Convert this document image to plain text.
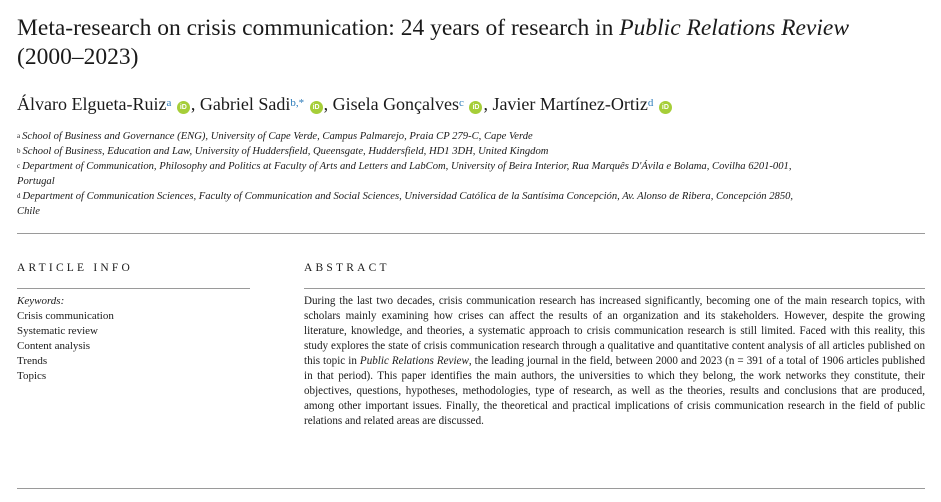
Meta-research on crisis communication: 24 years of research in Public Relations Review (2000–2023)
Álvaro Elgueta-Ruiz$^a$ iD , Gabriel Sadi$^{b,*}$ iD , Gisela Gonçalves$^c$ iD , Javier Martínez-Ortiz$^d$ iD

$^a$ School of Business and Governance (ENG), University of Cape Verde, Campus Palmarejo, Praia CP 279-C, Cape Verde

$^b$ School of Business, Education and Law, University of Huddersfield, Queensgate, Huddersfield, HD1 3DH, United Kingdom

$^c$ Department of Communication, Philosophy and Politics at Faculty of Arts and Letters and LabCom, University of Beira Interior, Rua Marquês D'Ávila e Bolama, Covilha 6201-001, Portugal

$^d$ Department of Communication Sciences, Faculty of Communication and Social Sciences, Universidad Católica de la Santísima Concepción, Av. Alonso de Ribera, Concepción 2850, Chile

ARTICLE INFO
Keywords:
Crisis communication
Systematic review
Content analysis
Trends
Topics
ABSTRACT

During the last two decades, crisis communication research has increased significantly, becoming one of the main research topics, with scholars mainly examining how crises can affect the results of an organization and its stakeholders. However, despite the growing literature, knowledge, and theories, a systematic approach to crisis communication research is still limited. Faced with this reality, this study explores the state of crisis communication research through a qualitative and quantitative content analysis of all articles published on this topic in Public Relations Review, the leading journal in the field, between 2000 and 2023 (n = 391 of a total of 1906 articles published in that period). This paper identifies the main authors, the universities to which they belong, the work networks they constitute, their objectives, questions, hypotheses, methodologies, type of research, as well as the theories, results and conclusions that are produced, among other important issues. Finally, the theoretical and practical implications of crisis communication research in the field of public relations and related areas are discussed.
